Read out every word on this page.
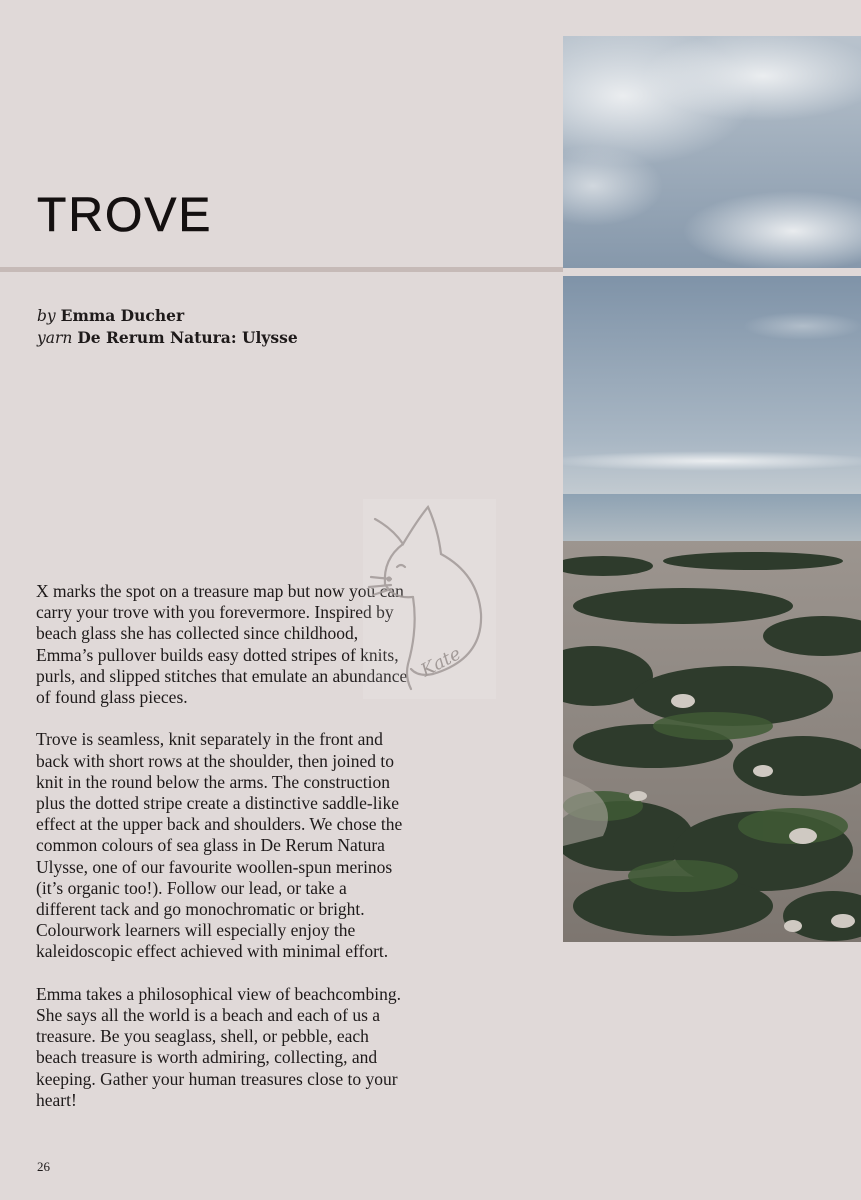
TROVE
by Emma Ducher
yarn De Rerum Natura: Ulysse

X marks the spot on a treasure map but now you can carry your trove with you forevermore. Inspired by beach glass she has collected since childhood, Emma’s pullover builds easy dotted stripes of knits, purls, and slipped stitches that emulate an abundance of found glass pieces.

Trove is seamless, knit separately in the front and back with short rows at the shoulder, then joined to knit in the round below the arms. The construction plus the dotted stripe create a distinctive saddle-like effect at the upper back and shoulders. We chose the common colours of sea glass in De Rerum Natura Ulysse, one of our favourite woollen-spun merinos (it’s organic too!). Follow our lead, or take a different tack and go monochromatic or bright. Colourwork learners will especially enjoy the kaleidoscopic effect achieved with minimal effort.

Emma takes a philosophical view of beachcombing. She says all the world is a beach and each of us a treasure. Be you seaglass, shell, or pebble, each beach treasure is worth admiring, collecting, and keeping. Gather your human treasures close to your heart!

Kate
26
